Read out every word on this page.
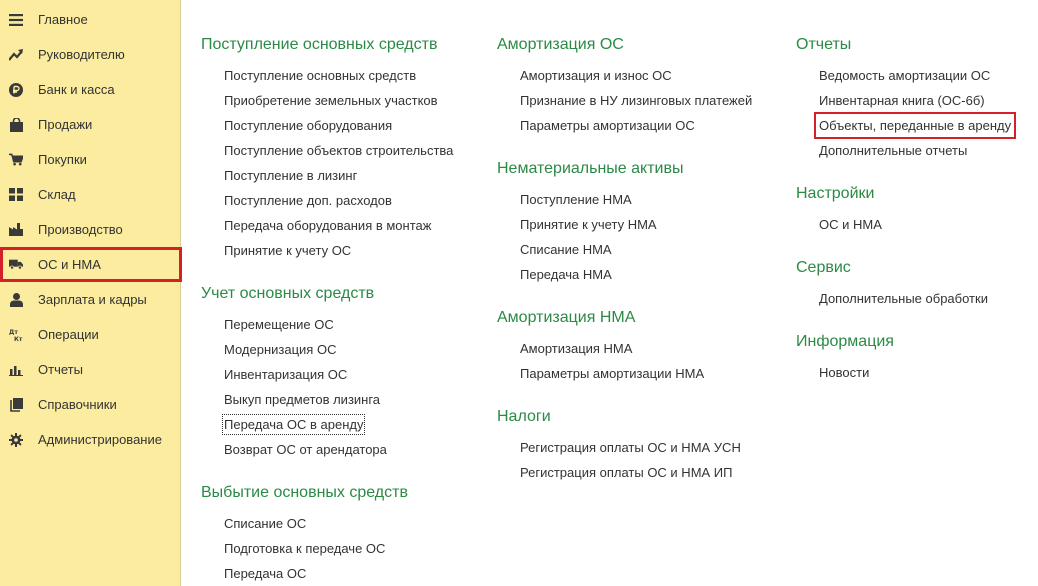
Главное
Руководителю
Банк и касса
Продажи
Покупки
Склад
Производство
ОС и НМА
Зарплата и кадры
Дт
Кт Операции
Отчеты
Справочники
Администрирование
Поступление основных средств
Поступление основных средств
Приобретение земельных участков
Поступление оборудования
Поступление объектов строительства
Поступление в лизинг
Поступление доп. расходов
Передача оборудования в монтаж
Принятие к учету ОС
Учет основных средств
Перемещение ОС
Модернизация ОС
Инвентаризация ОС
Выкуп предметов лизинга
Передача ОС в аренду
Возврат ОС от арендатора
Выбытие основных средств
Списание ОС
Подготовка к передаче ОС
Передача ОС
Амортизация ОС
Амортизация и износ ОС
Признание в НУ лизинговых платежей
Параметры амортизации ОС
Нематериальные активы
Поступление НМА
Принятие к учету НМА
Списание НМА
Передача НМА
Амортизация НМА
Амортизация НМА
Параметры амортизации НМА
Налоги
Регистрация оплаты ОС и НМА УСН
Регистрация оплаты ОС и НМА ИП
Отчеты
Ведомость амортизации ОС
Инвентарная книга (ОС-6б)
Объекты, переданные в аренду
Дополнительные отчеты
Настройки
ОС и НМА
Сервис
Дополнительные обработки
Информация
Новости
